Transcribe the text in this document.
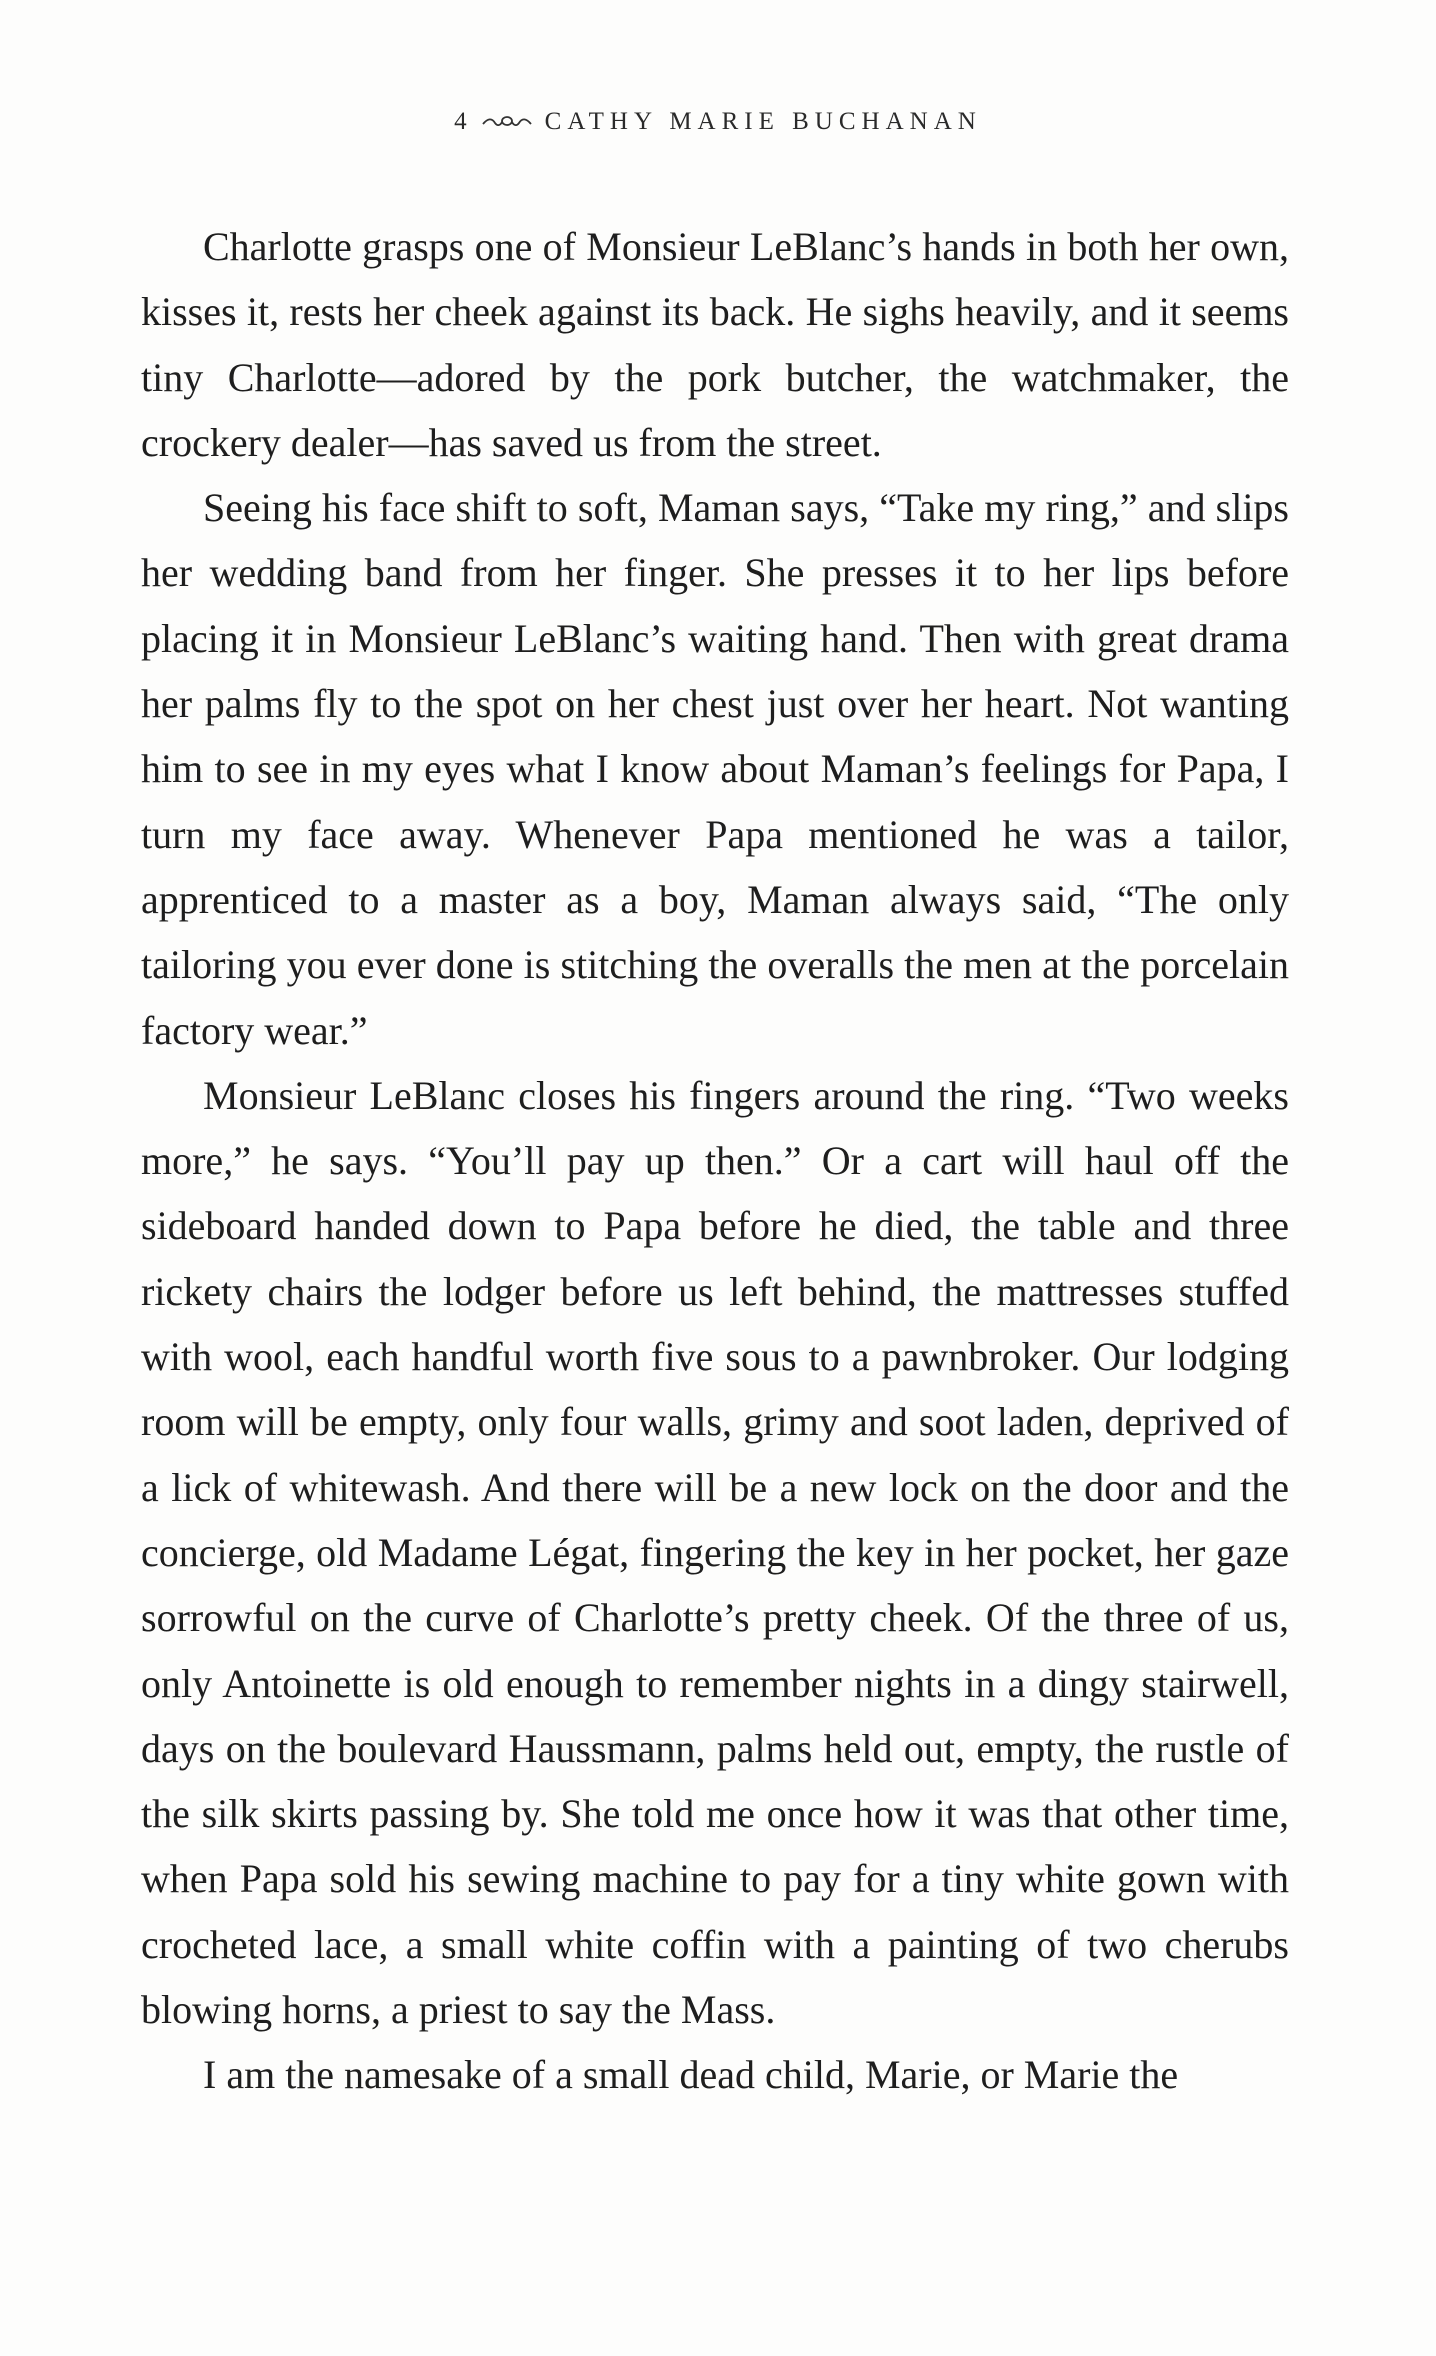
4	CATHY MARIE BUCHANAN

Charlotte grasps one of Monsieur LeBlanc’s hands in both her own, kisses it, rests her cheek against its back. He sighs heavily, and it seems tiny Charlotte—adored by the pork butcher, the watchmaker, the crockery dealer—has saved us from the street.

Seeing his face shift to soft, Maman says, “Take my ring,” and slips her wedding band from her finger. She presses it to her lips before placing it in Monsieur LeBlanc’s waiting hand. Then with great drama her palms fly to the spot on her chest just over her heart. Not wanting him to see in my eyes what I know about Maman’s feelings for Papa, I turn my face away. Whenever Papa mentioned he was a tailor, apprenticed to a master as a boy, Maman always said, “The only tailoring you ever done is stitching the overalls the men at the porcelain factory wear.”

Monsieur LeBlanc closes his fingers around the ring. “Two weeks more,” he says. “You’ll pay up then.” Or a cart will haul off the sideboard handed down to Papa before he died, the table and three rickety chairs the lodger before us left behind, the mattresses stuffed with wool, each handful worth five sous to a pawnbroker. Our lodging room will be empty, only four walls, grimy and soot laden, deprived of a lick of whitewash. And there will be a new lock on the door and the concierge, old Madame Légat, fingering the key in her pocket, her gaze sorrowful on the curve of Charlotte’s pretty cheek. Of the three of us, only Antoinette is old enough to remember nights in a dingy stairwell, days on the boulevard Haussmann, palms held out, empty, the rustle of the silk skirts passing by. She told me once how it was that other time, when Papa sold his sewing machine to pay for a tiny white gown with crocheted lace, a small white coffin with a painting of two cherubs blowing horns, a priest to say the Mass.

I am the namesake of a small dead child, Marie, or Marie the
